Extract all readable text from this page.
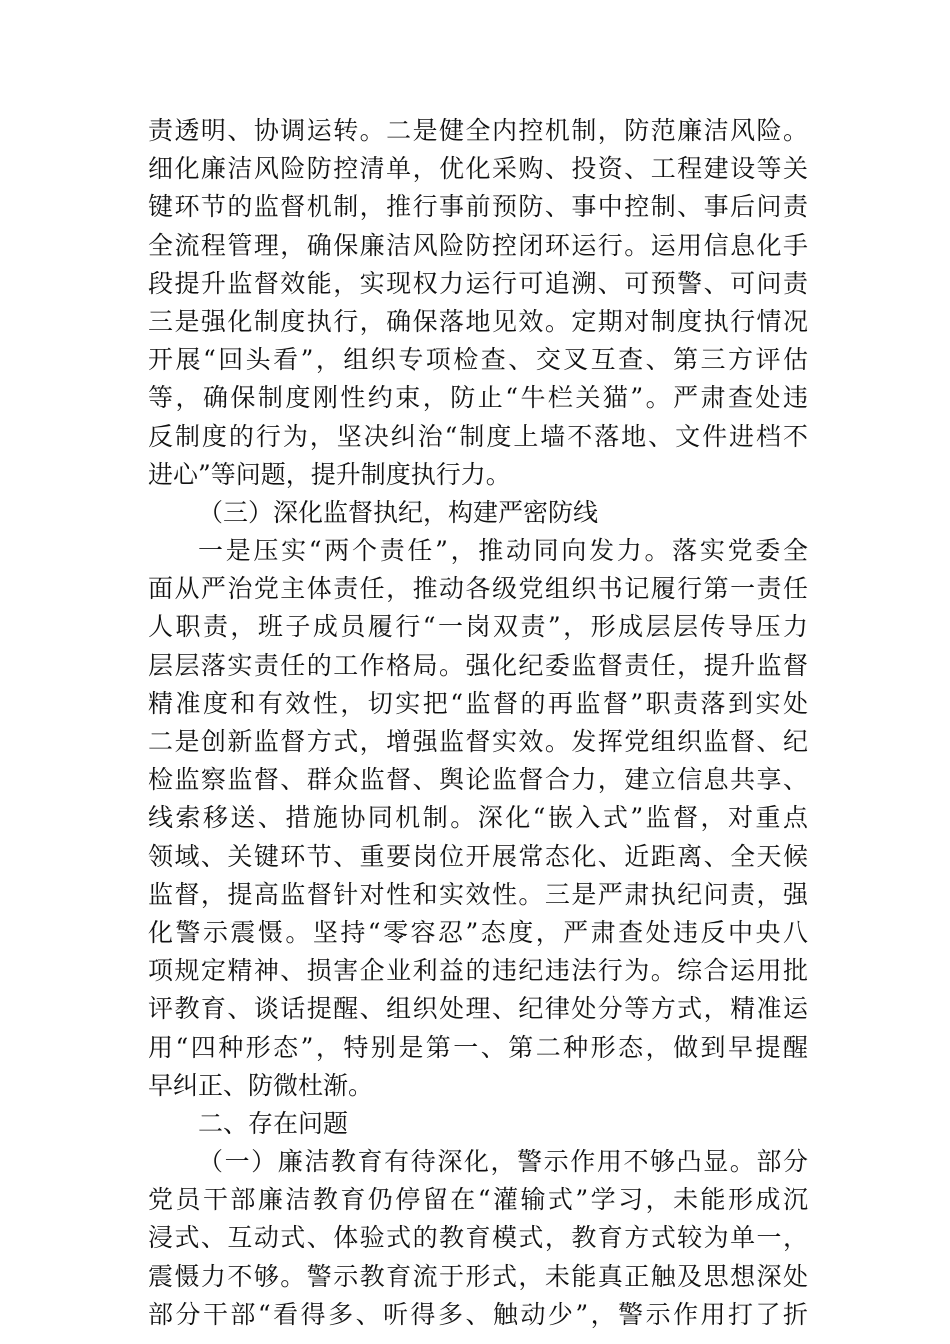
责透明、协调运转。二是健全内控机制，防范廉洁风险。
细化廉洁风险防控清单，优化采购、投资、工程建设等关
键环节的监督机制，推行事前预防、事中控制、事后问责
全流程管理，确保廉洁风险防控闭环运行。运用信息化手
段提升监督效能，实现权力运行可追溯、可预警、可问责
三是强化制度执行，确保落地见效。定期对制度执行情况
开展“回头看”，组织专项检查、交叉互查、第三方评估
等，确保制度刚性约束，防止“牛栏关猫”。严肃查处违
反制度的行为，坚决纠治“制度上墙不落地、文件进档不
进心”等问题，提升制度执行力。
（三）深化监督执纪，构建严密防线
一是压实“两个责任”，推动同向发力。落实党委全
面从严治党主体责任，推动各级党组织书记履行第一责任
人职责，班子成员履行“一岗双责”，形成层层传导压力
层层落实责任的工作格局。强化纪委监督责任，提升监督
精准度和有效性，切实把“监督的再监督”职责落到实处
二是创新监督方式，增强监督实效。发挥党组织监督、纪
检监察监督、群众监督、舆论监督合力，建立信息共享、
线索移送、措施协同机制。深化“嵌入式”监督，对重点
领域、关键环节、重要岗位开展常态化、近距离、全天候
监督，提高监督针对性和实效性。三是严肃执纪问责，强
化警示震慑。坚持“零容忍”态度，严肃查处违反中央八
项规定精神、损害企业利益的违纪违法行为。综合运用批
评教育、谈话提醒、组织处理、纪律处分等方式，精准运
用“四种形态”，特别是第一、第二种形态，做到早提醒
早纠正、防微杜渐。
二、存在问题
（一）廉洁教育有待深化，警示作用不够凸显。部分
党员干部廉洁教育仍停留在“灌输式”学习，未能形成沉
浸式、互动式、体验式的教育模式，教育方式较为单一，
震慑力不够。警示教育流于形式，未能真正触及思想深处
部分干部“看得多、听得多、触动少”，警示作用打了折
